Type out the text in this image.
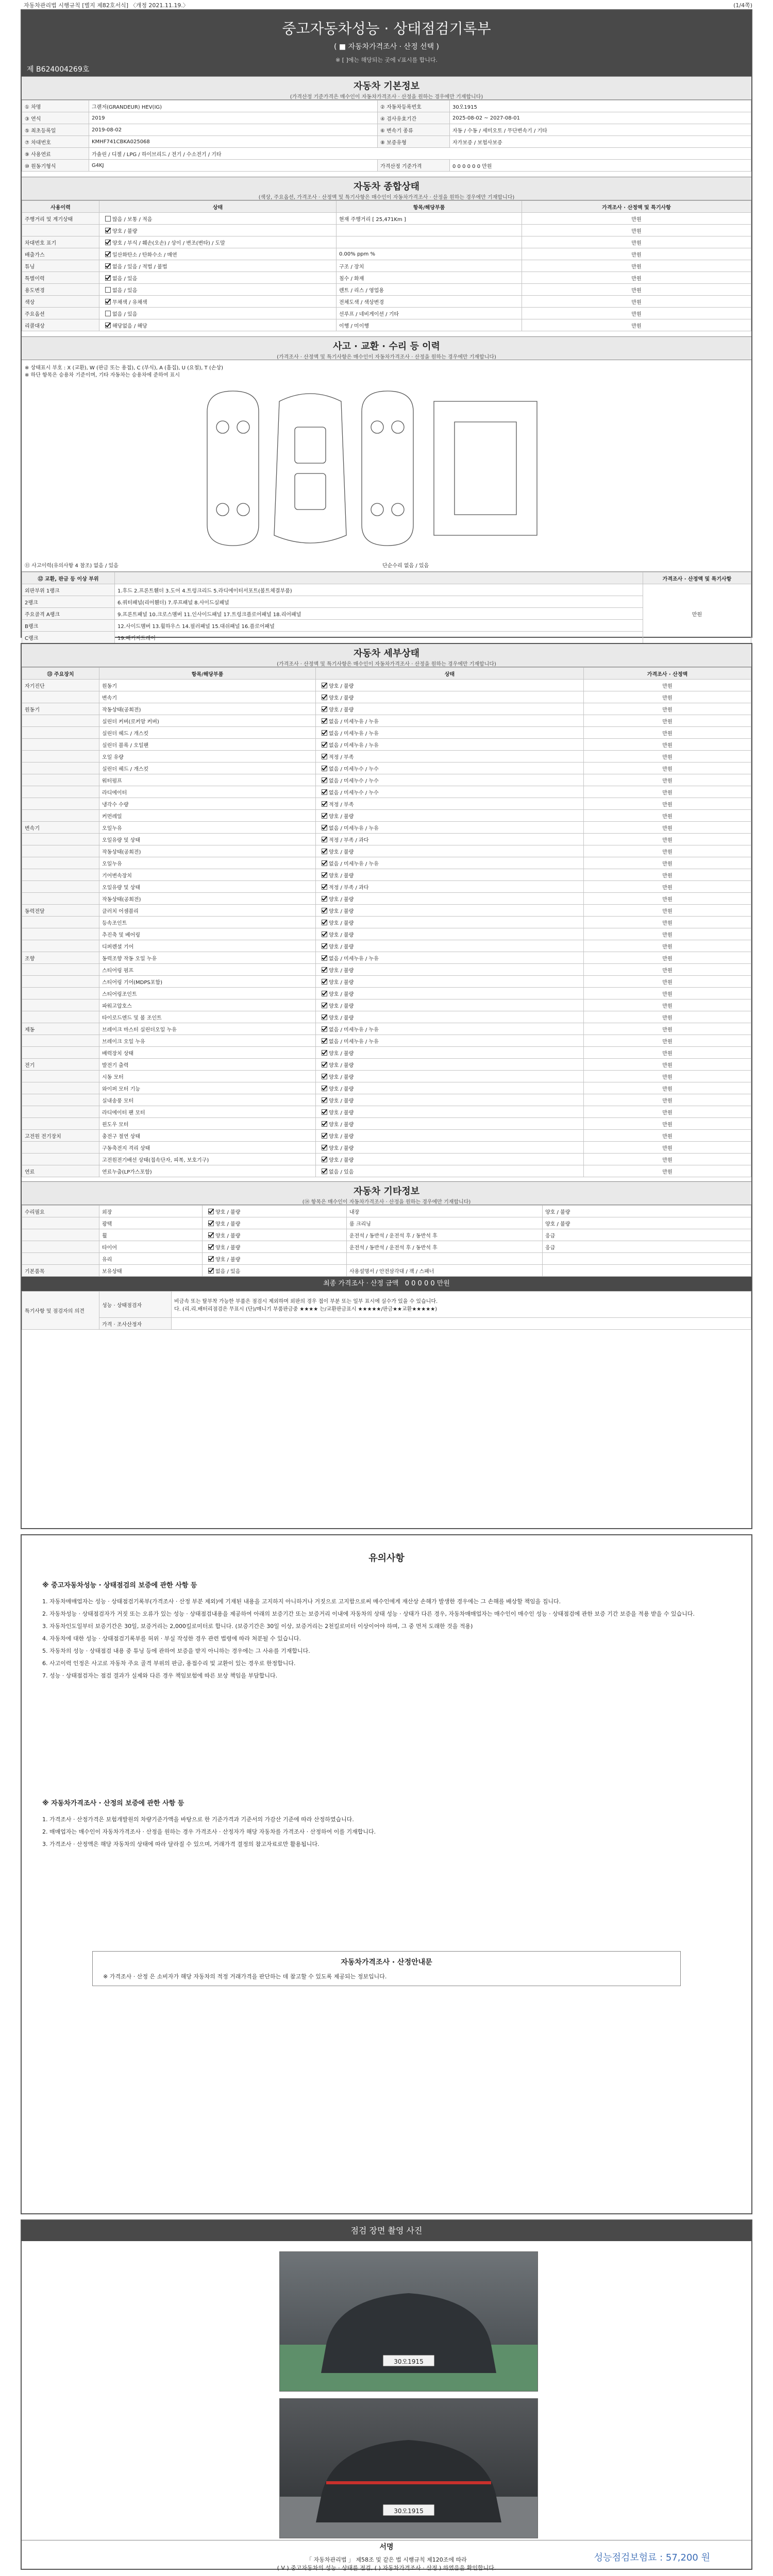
자동차관리법 시행규칙 [별지 제82호서식] 〈개정 2021.11.19.〉	(1/4쪽)
중고자동차성능 · 상태점검기록부
( ■ 자동차가격조사 · 산정 선택 )
※ [ ]에는 해당되는 곳에 √표시를 합니다.
제 B624004269호
자동차 기본정보
(가격산정 기준가격은 매수인이 자동차가격조사 · 산정을 원하는 경우에만 기재합니다)
① 차명	그랜저(GRANDEUR) HEV(IG)	② 자동차등록번호	30오1915
③ 연식	2019	④ 검사유효기간	2025-08-02 ~ 2027-08-01
⑤ 최초등록일	2019-08-02	⑥ 변속기 종류	자동 / 수동 / 세미오토 / 무단변속기 / 기타
⑦ 차대번호	KMHF741CBKA025068	⑧ 보증유형	자가보증 / 보험사보증
⑨ 사용연료	가솔린 / 디젤 / LPG / 하이브리드 / 전기 / 수소전기 / 기타		
⑩ 원동기형식	G4KJ	가격산정 기준가격	0 0 0 0 0 0 만원
자동차 종합상태
(색상, 주요옵션, 가격조사 · 산정액 및 특기사항은 매수인이 자동차가격조사 · 산정을 원하는 경우에만 기재합니다)
사용이력	상태	항목/해당부품	가격조사 · 산정액 및 특기사항
주행거리 및 계기상태	많음 / 보통 / 적음	현재 주행거리 [ 25,471Km ]	만원
	양호 / 불량		만원
차대번호 표기	양호 / 부식 / 훼손(오손) / 상이 / 변조(변타) / 도말		만원
배출가스	일산화탄소 / 탄화수소 / 매연	0.00% ppm %	만원
튜닝	없음 / 있음 / 적법 / 불법	구조 / 장치	만원
특별이력	없음 / 있음	침수 / 화재	만원
용도변경	없음 / 있음	렌트 / 리스 / 영업용	만원
색상	무채색 / 유채색	전체도색 / 색상변경	만원
주요옵션	없음 / 있음	선루프 / 네비게이션 / 기타	만원
리콜대상	해당없음 / 해당	이행 / 미이행	만원
사고 · 교환 · 수리 등 이력
(가격조사 · 산정액 및 특기사항은 매수인이 자동차가격조사 · 산정을 원하는 경우에만 기재합니다)
※ 상태표시 부호 : X (교환), W (판금 또는 용접), C (부식), A (흠집), U (요철), T (손상)
※ 하단 항목은 승용차 기준이며, 기타 자동차는 승용차에 준하여 표시
⑪ 사고이력(유의사항 4 참조) 없음 / 있음	단순수리 없음 / 있음
⑫ 교환, 판금 등 이상 부위		가격조사 · 산정액 및 특기사항
외판부위 1랭크	1.후드 2.프론트휀더 3.도어 4.트렁크리드 5.라디에이터서포트(볼트체결부품)	만원
2랭크	6.쿼터패널(리어휀더) 7.루프패널 8.사이드실패널	
주요골격 A랭크	9.프론트패널 10.크로스멤버 11.인사이드패널 17.트렁크플로어패널 18.리어패널	
B랭크	12.사이드멤버 13.휠하우스 14.필러패널 15.대쉬패널 16.플로어패널	
C랭크	19.패키지트레이	
자동차 세부상태
(가격조사 · 산정액 및 특기사항은 매수인이 자동차가격조사 · 산정을 원하는 경우에만 기재합니다)
⑬ 주요장치	항목/해당부품	상태	가격조사 · 산정액
자기진단	원동기	양호 / 불량	만원
	변속기	양호 / 불량	만원
원동기	작동상태(공회전)	양호 / 불량	만원
	실린더 커버(로커암 커버)	없음 / 미세누유 / 누유	만원
	실린더 헤드 / 개스킷	없음 / 미세누유 / 누유	만원
	실린더 블록 / 오일팬	없음 / 미세누유 / 누유	만원
	오일 유량	적정 / 부족	만원
	실린더 헤드 / 개스킷	없음 / 미세누수 / 누수	만원
	워터펌프	없음 / 미세누수 / 누수	만원
	라디에이터	없음 / 미세누수 / 누수	만원
	냉각수 수량	적정 / 부족	만원
	커먼레일	양호 / 불량	만원
변속기	오일누유	없음 / 미세누유 / 누유	만원
	오일유량 및 상태	적정 / 부족 / 과다	만원
	작동상태(공회전)	양호 / 불량	만원
	오일누유	없음 / 미세누유 / 누유	만원
	기어변속장치	양호 / 불량	만원
	오일유량 및 상태	적정 / 부족 / 과다	만원
	작동상태(공회전)	양호 / 불량	만원
동력전달	클러치 어셈블리	양호 / 불량	만원
	등속조인트	양호 / 불량	만원
	추진축 및 베어링	양호 / 불량	만원
	디퍼렌셜 기어	양호 / 불량	만원
조향	동력조향 작동 오일 누유	없음 / 미세누유 / 누유	만원
	스티어링 펌프	양호 / 불량	만원
	스티어링 기어(MDPS포함)	양호 / 불량	만원
	스티어링조인트	양호 / 불량	만원
	파워고압호스	양호 / 불량	만원
	타이로드엔드 및 볼 조인트	양호 / 불량	만원
제동	브레이크 마스터 실린더오일 누유	없음 / 미세누유 / 누유	만원
	브레이크 오일 누유	없음 / 미세누유 / 누유	만원
	배력장치 상태	양호 / 불량	만원
전기	발전기 출력	양호 / 불량	만원
	시동 모터	양호 / 불량	만원
	와이퍼 모터 기능	양호 / 불량	만원
	실내송풍 모터	양호 / 불량	만원
	라디에이터 팬 모터	양호 / 불량	만원
	윈도우 모터	양호 / 불량	만원
고전원 전기장치	충전구 절연 상태	양호 / 불량	만원
	구동축전지 격리 상태	양호 / 불량	만원
	고전원전기배선 상태(접속단자, 피복, 보호기구)	양호 / 불량	만원
연료	연료누출(LP가스포함)	없음 / 있음	만원
자동차 기타정보
(⑭ 항목은 매수인이 자동차가격조사 · 산정을 원하는 경우에만 기재합니다)
수리필요	외장	양호 / 불량	내장	양호 / 불량
	광택	양호 / 불량	룸 크리닝	양호 / 불량
	휠	양호 / 불량	운전석 / 동반석 / 운전석 후 / 동반석 후	응급
	타이어	양호 / 불량	운전석 / 동반석 / 운전석 후 / 동반석 후	응급
	유리	양호 / 불량		
기본품목	보유상태	없음 / 있음	사용설명서 / 안전삼각대 / 잭 / 스패너	
최종 가격조사 · 산정 금액 0 0 0 0 0 만원
특기사항 및 점검자의 의견	성능 · 상태점검자	비금속 또는 탈부착 가능한 부품은 점검시 제외하며 외판의 경우 접이 부분 또는 일부 표시에 실수가 있을 수 있습니다.
다. (리.리.배터리점검은 무표시 (단)/매니기 부품판금중 ★★★★ 는/교환판금표시 ★★★★★/판금★★교환★★★★★)
	가격 · 조사산정자	
유의사항
※ 중고자동차성능 · 상태점검의 보증에 관한 사항 등

1. 자동차매매업자는 성능 · 상태점검기록부(가격조사 · 산정 부분 제외)에 기재된 내용을 고지하지 아니하거나 거짓으로 고지함으로써 매수인에게 재산상 손해가 발생한 경우에는 그 손해를 배상할 책임을 집니다.

2. 자동차성능 · 상태점검자가 거짓 또는 오류가 있는 성능 · 상태점검내용을 제공하여 아래의 보증기간 또는 보증거리 이내에 자동차의 상태 성능 · 상태가 다른 경우, 자동차매매업자는 매수인이 매수인 성능 · 상태점검에 관한 보증 기간 보증을 적용 받을 수 있습니다.

3. 자동차인도일부터 보증기간은 30일, 보증거리는 2,000킬로미터로 합니다. (보증기간은 30일 이상, 보증거리는 2천킬로미터 이상이어야 하며, 그 중 먼저 도래한 것을 적용)

4. 자동차에 대한 성능 · 상태점검기록부를 허위 · 부실 작성한 경우 관련 법령에 따라 처분될 수 있습니다.

5. 자동차의 성능 · 상태점검 내용 중 튜닝 등에 관하여 보증을 받지 아니하는 경우에는 그 사유를 기재합니다.

6. 사고이력 인정은 사고로 자동차 주요 골격 부위의 판금, 용접수리 및 교환이 있는 경우로 한정합니다.

7. 성능 · 상태점검자는 점검 결과가 실제와 다른 경우 책임보험에 따른 보상 책임을 부담합니다.

※ 자동차가격조사 · 산정의 보증에 관한 사항 등

1. 가격조사 · 산정가격은 보험개발원의 차량기준가액을 바탕으로 한 기준가격과 기준서의 가감산 기준에 따라 산정하였습니다.

2. 매매업자는 매수인이 자동차가격조사 · 산정을 원하는 경우 가격조사 · 산정자가 해당 자동차를 가격조사 · 산정하여 이를 기재합니다.

3. 가격조사 · 산정액은 해당 자동차의 상태에 따라 달라질 수 있으며, 거래가격 결정의 참고자료로만 활용됩니다.

자동차가격조사 · 산정안내문
※ 가격조사 · 산정 은 소비자가 해당 자동차의 적정 거래가격을 판단하는 데 참고할 수 있도록 제공되는 정보입니다.
점검 장면 촬영 사진
30오1915
30오1915
서명
성능점검보험료 : 57,200 원
「 자동차관리법 」 제58조 및 같은 법 시행규칙 제120조에 따라
( V ) 중고자동차의 성능 · 상태를 점검, ( ) 자동차가격조사 · 산정 ) 하였음을 확인합니다.
